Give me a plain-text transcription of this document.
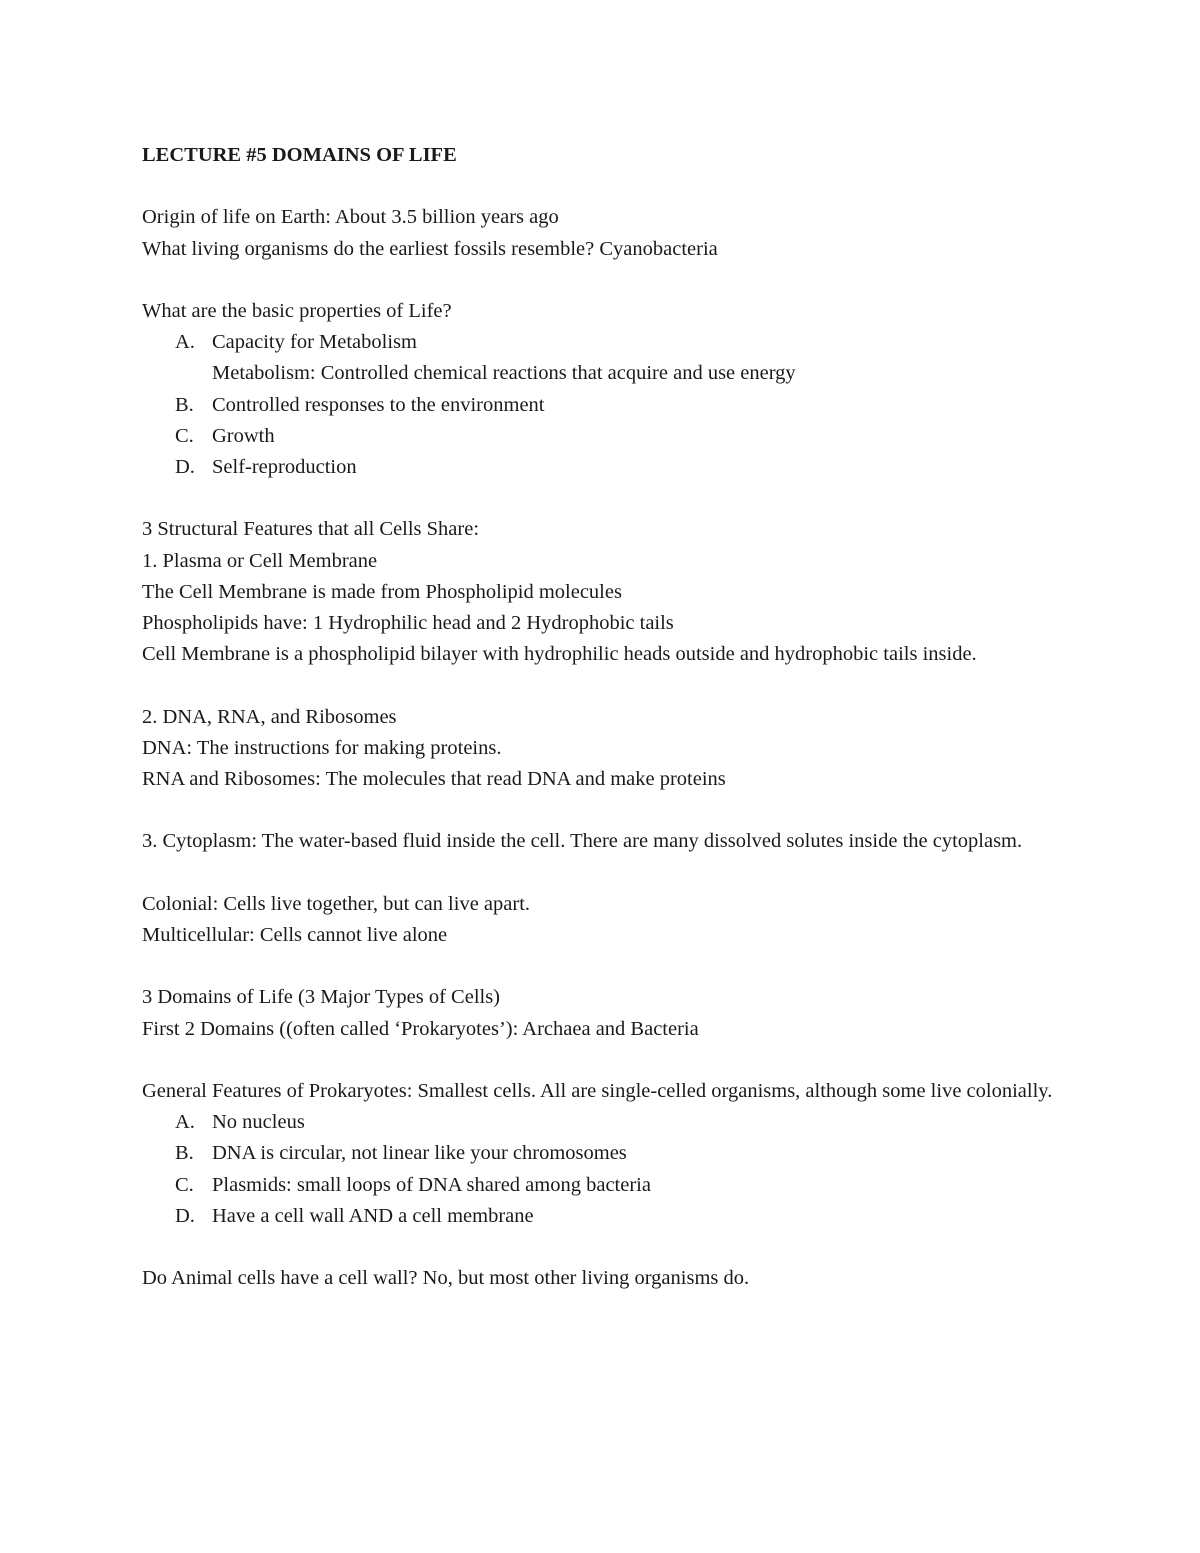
LECTURE #5 DOMAINS OF LIFE

Origin of life on Earth: About 3.5 billion years ago

What living organisms do the earliest fossils resemble? Cyanobacteria

What are the basic properties of Life?

A. Capacity for Metabolism
Metabolism: Controlled chemical reactions that acquire and use energy
B. Controlled responses to the environment
C. Growth
D. Self-reproduction

3 Structural Features that all Cells Share:

1. Plasma or Cell Membrane

The Cell Membrane is made from Phospholipid molecules

Phospholipids have: 1 Hydrophilic head and 2 Hydrophobic tails

Cell Membrane is a phospholipid bilayer with hydrophilic heads outside and hydrophobic tails inside.

2. DNA, RNA, and Ribosomes

DNA: The instructions for making proteins.

RNA and Ribosomes: The molecules that read DNA and make proteins

3. Cytoplasm: The water-based fluid inside the cell. There are many dissolved solutes inside the cytoplasm.

Colonial: Cells live together, but can live apart.

Multicellular: Cells cannot live alone

3 Domains of Life (3 Major Types of Cells)

First 2 Domains ((often called ‘Prokaryotes’): Archaea and Bacteria

General Features of Prokaryotes: Smallest cells. All are single-celled organisms, although some live colonially.

A. No nucleus
B. DNA is circular, not linear like your chromosomes
C. Plasmids: small loops of DNA shared among bacteria
D. Have a cell wall AND a cell membrane

Do Animal cells have a cell wall? No, but most other living organisms do.
